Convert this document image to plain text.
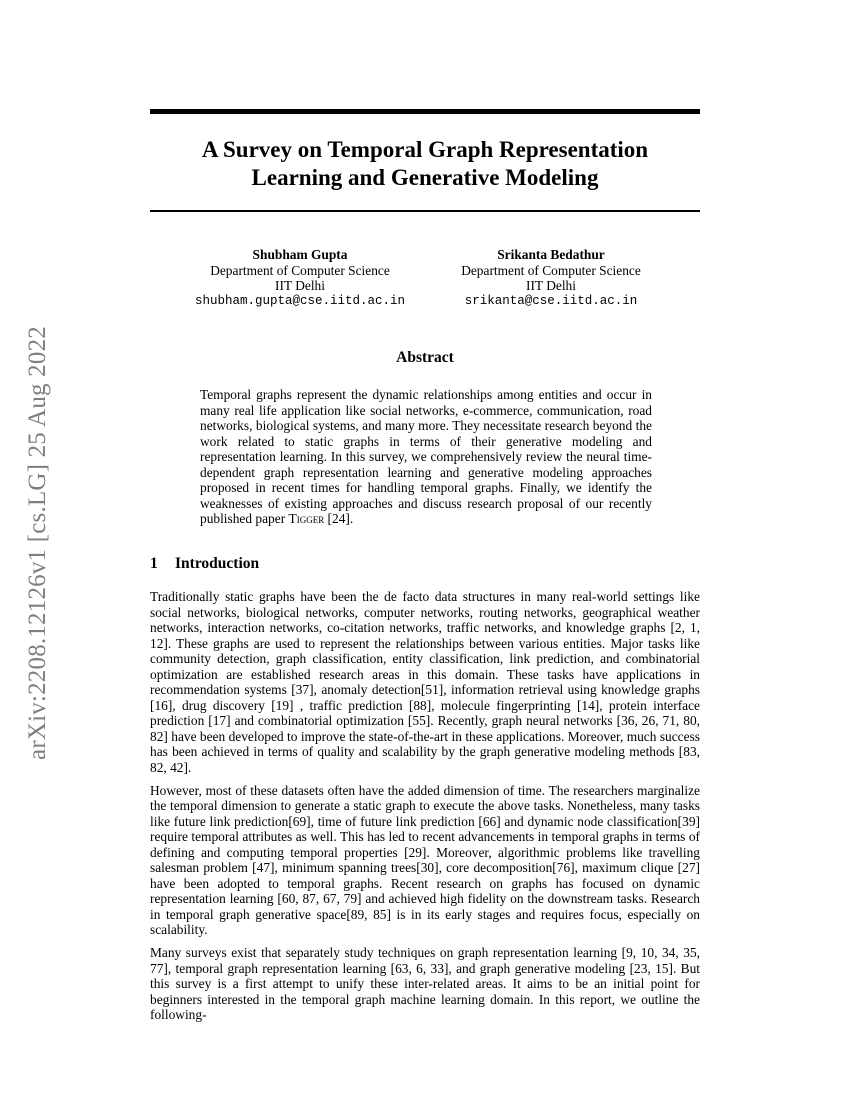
arXiv:2208.12126v1 [cs.LG] 25 Aug 2022
A Survey on Temporal Graph Representation
Learning and Generative Modeling
Shubham Gupta
Department of Computer Science
IIT Delhi
shubham.gupta@cse.iitd.ac.in
Srikanta Bedathur
Department of Computer Science
IIT Delhi
srikanta@cse.iitd.ac.in
Abstract

Temporal graphs represent the dynamic relationships among entities and occur in many real life application like social networks, e-commerce, communication, road networks, biological systems, and many more. They necessitate research beyond the work related to static graphs in terms of their generative modeling and representation learning. In this survey, we comprehensively review the neural time-dependent graph representation learning and generative modeling approaches proposed in recent times for handling temporal graphs. Finally, we identify the weaknesses of existing approaches and discuss research proposal of our recently published paper Tigger [24].

1 Introduction

Traditionally static graphs have been the de facto data structures in many real-world settings like social networks, biological networks, computer networks, routing networks, geographical weather networks, interaction networks, co-citation networks, traffic networks, and knowledge graphs [2, 1, 12]. These graphs are used to represent the relationships between various entities. Major tasks like community detection, graph classification, entity classification, link prediction, and combinatorial optimization are established research areas in this domain. These tasks have applications in recommendation systems [37], anomaly detection[51], information retrieval using knowledge graphs [16], drug discovery [19] , traffic prediction [88], molecule fingerprinting [14], protein interface prediction [17] and combinatorial optimization [55]. Recently, graph neural networks [36, 26, 71, 80, 82] have been developed to improve the state-of-the-art in these applications. Moreover, much success has been achieved in terms of quality and scalability by the graph generative modeling methods [83, 82, 42].

However, most of these datasets often have the added dimension of time. The researchers marginalize the temporal dimension to generate a static graph to execute the above tasks. Nonetheless, many tasks like future link prediction[69], time of future link prediction [66] and dynamic node classification[39] require temporal attributes as well. This has led to recent advancements in temporal graphs in terms of defining and computing temporal properties [29]. Moreover, algorithmic problems like travelling salesman problem [47], minimum spanning trees[30], core decomposition[76], maximum clique [27] have been adopted to temporal graphs. Recent research on graphs has focused on dynamic representation learning [60, 87, 67, 79] and achieved high fidelity on the downstream tasks. Research in temporal graph generative space[89, 85] is in its early stages and requires focus, especially on scalability.

Many surveys exist that separately study techniques on graph representation learning [9, 10, 34, 35, 77], temporal graph representation learning [63, 6, 33], and graph generative modeling [23, 15]. But this survey is a first attempt to unify these inter-related areas. It aims to be an initial point for beginners interested in the temporal graph machine learning domain. In this report, we outline the following-
